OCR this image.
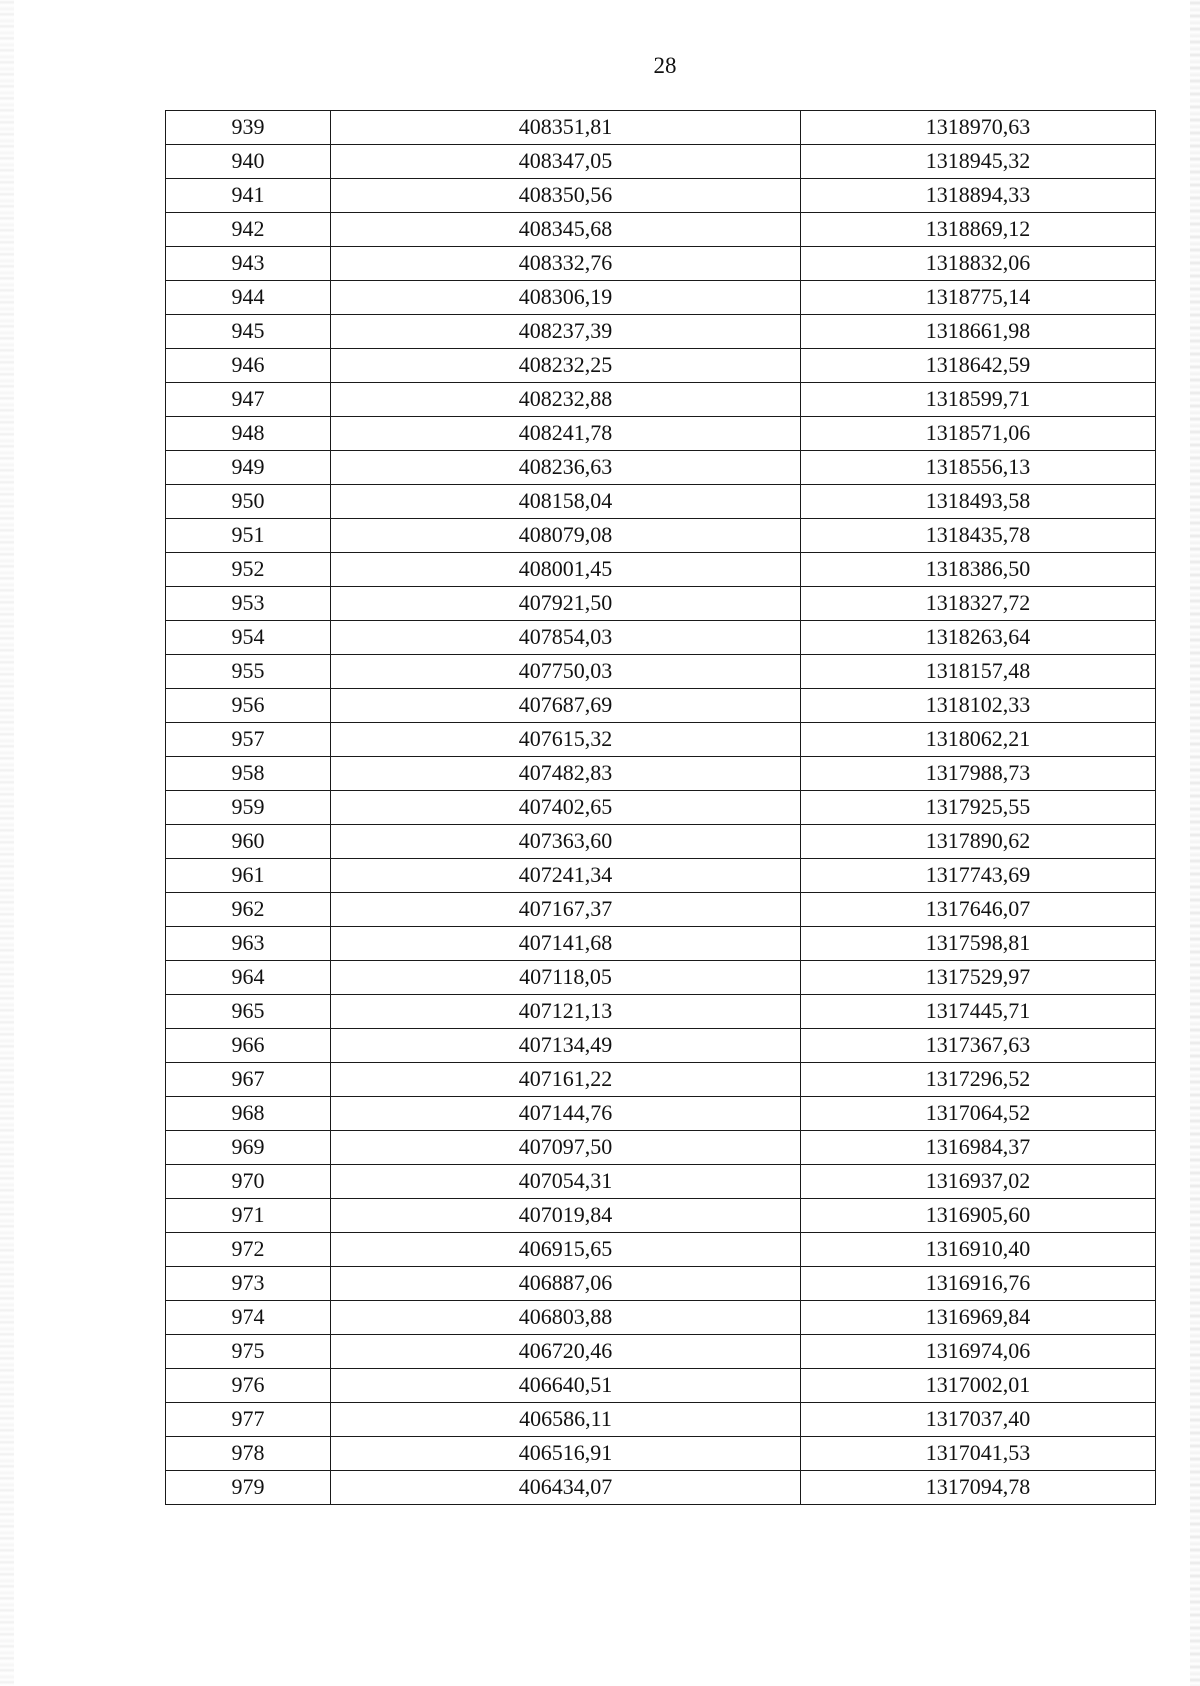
28
939	408351,81	1318970,63
940	408347,05	1318945,32
941	408350,56	1318894,33
942	408345,68	1318869,12
943	408332,76	1318832,06
944	408306,19	1318775,14
945	408237,39	1318661,98
946	408232,25	1318642,59
947	408232,88	1318599,71
948	408241,78	1318571,06
949	408236,63	1318556,13
950	408158,04	1318493,58
951	408079,08	1318435,78
952	408001,45	1318386,50
953	407921,50	1318327,72
954	407854,03	1318263,64
955	407750,03	1318157,48
956	407687,69	1318102,33
957	407615,32	1318062,21
958	407482,83	1317988,73
959	407402,65	1317925,55
960	407363,60	1317890,62
961	407241,34	1317743,69
962	407167,37	1317646,07
963	407141,68	1317598,81
964	407118,05	1317529,97
965	407121,13	1317445,71
966	407134,49	1317367,63
967	407161,22	1317296,52
968	407144,76	1317064,52
969	407097,50	1316984,37
970	407054,31	1316937,02
971	407019,84	1316905,60
972	406915,65	1316910,40
973	406887,06	1316916,76
974	406803,88	1316969,84
975	406720,46	1316974,06
976	406640,51	1317002,01
977	406586,11	1317037,40
978	406516,91	1317041,53
979	406434,07	1317094,78
